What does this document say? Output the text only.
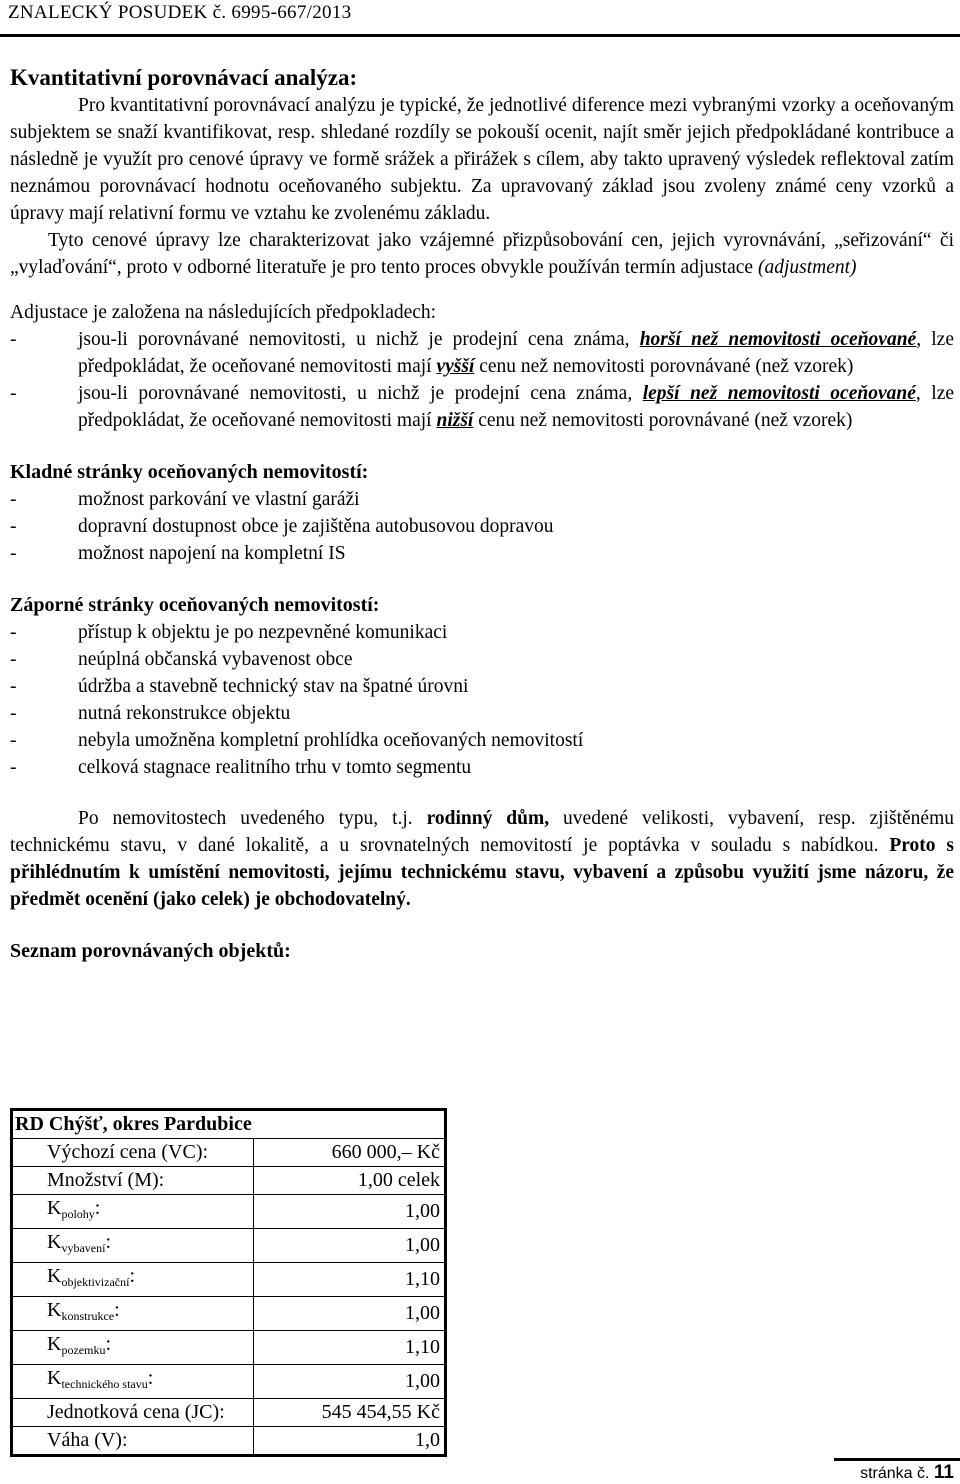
ZNALECKÝ POSUDEK č. 6995-667/2013
Kvantitativní porovnávací analýza:

Pro kvantitativní porovnávací analýzu je typické, že jednotlivé diference mezi vybranými vzorky a oceňovaným subjektem se snaží kvantifikovat, resp. shledané rozdíly se pokouší ocenit, najít směr jejich předpokládané kontribuce a následně je využít pro cenové úpravy ve formě srážek a přirážek s cílem, aby takto upravený výsledek reflektoval zatím neznámou porovnávací hodnotu oceňovaného subjektu. Za upravovaný základ jsou zvoleny známé ceny vzorků a úpravy mají relativní formu ve vztahu ke zvolenému základu.

Tyto cenové úpravy lze charakterizovat jako vzájemné přizpůsobování cen, jejich vyrovnávání, „seřizování“ či „vylaďování“, proto v odborné literatuře je pro tento proces obvykle používán termín adjustace (adjustment)

Adjustace je založena na následujících předpokladech:

-	jsou-li porovnávané nemovitosti, u nichž je prodejní cena známa, horší než nemovitosti oceňované, lze předpokládat, že oceňované nemovitosti mají vyšší cenu než nemovitosti porovnávané (než vzorek)
-	jsou-li porovnávané nemovitosti, u nichž je prodejní cena známa, lepší než nemovitosti oceňované, lze předpokládat, že oceňované nemovitosti mají nižší cenu než nemovitosti porovnávané (než vzorek)
Kladné stránky oceňovaných nemovitostí:
-	možnost parkování ve vlastní garáži
-	dopravní dostupnost obce je zajištěna autobusovou dopravou
-	možnost napojení na kompletní IS
Záporné stránky oceňovaných nemovitostí:
-	přístup k objektu je po nezpevněné komunikaci
-	neúplná občanská vybavenost obce
-	údržba a stavebně technický stav na špatné úrovni
-	nutná rekonstrukce objektu
-	nebyla umožněna kompletní prohlídka oceňovaných nemovitostí
-	celková stagnace realitního trhu v tomto segmentu

Po nemovitostech uvedeného typu, t.j. rodinný dům, uvedené velikosti, vybavení, resp. zjištěnému technickému stavu, v dané lokalitě, a u srovnatelných nemovitostí je poptávka v souladu s nabídkou. Proto s přihlédnutím k umístění nemovitosti, jejímu technickému stavu, vybavení a způsobu využití jsme názoru, že předmět ocenění (jako celek) je obchodovatelný.

Seznam porovnávaných objektů:
RD Chýšť, okres Pardubice	
Výchozí cena (VC):	660 000,– Kč
Množství (M):	1,00 celek
$K_{polohy}$:	1,00
$K_{vybavení}$:	1,00
$K_{objektivizační}$:	1,10
$K_{konstrukce}$:	1,00
$K_{pozemku}$:	1,10
$K_{technického stavu}$:	1,00
Jednotková cena (JC):	545 454,55 Kč
Váha (V):	1,0
stránka č. 11
